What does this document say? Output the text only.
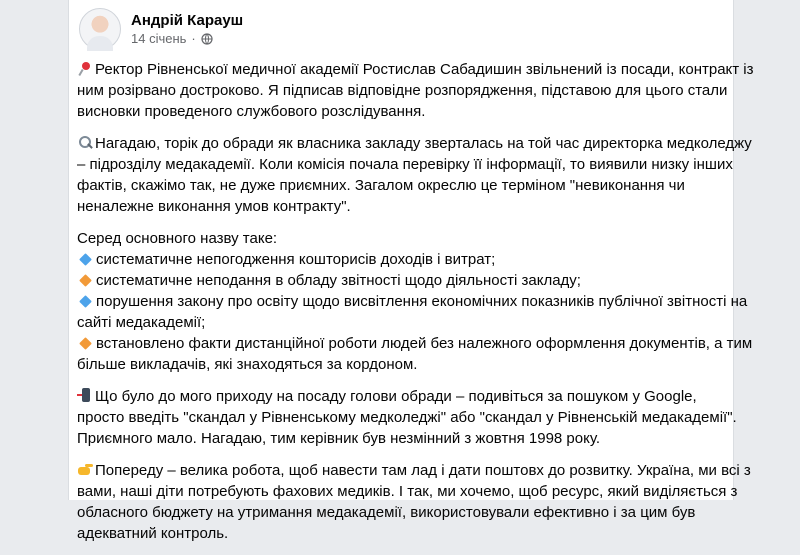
Андрій Карауш
14 січень ·

Ректор Рівненської медичної академії Ростислав Сабадишин звільнений із посади, контракт із
ним розірвано достроково. Я підписав відповідне розпорядження, підставою для цього стали
висновки проведеного службового розслідування.

Нагадаю, торік до обради як власника закладу зверталась на той час директорка медколеджу
– підрозділу медакадемії. Коли комісія почала перевірку її інформації, то виявили низку інших
фактів, скажімо так, не дуже приємних. Загалом окреслю це терміном "невиконання чи
неналежне виконання умов контракту".

Серед основного назву таке:
систематичне непогодження кошторисів доходів і витрат;
систематичне неподання в обладу звітності щодо діяльності закладу;
порушення закону про освіту щодо висвітлення економічних показників публічної звітності на
сайті медакадемії;
встановлено факти дистанційної роботи людей без належного оформлення документів, а тим
більше викладачів, які знаходяться за кордоном.

Що було до мого приходу на посаду голови обради – подивіться за пошуком у Google,
просто введіть "скандал у Рівненському медколеджі" або "скандал у Рівненській медакадемії".
Приємного мало. Нагадаю, тим керівник був незмінний з жовтня 1998 року.

Попереду – велика робота, щоб навести там лад і дати поштовх до розвитку. Україна, ми всі з
вами, наші діти потребують фахових медиків. І так, ми хочемо, щоб ресурс, який виділяється з
обласного бюджету на утримання медакадемії, використовували ефективно і за цим був
адекватний контроль.
